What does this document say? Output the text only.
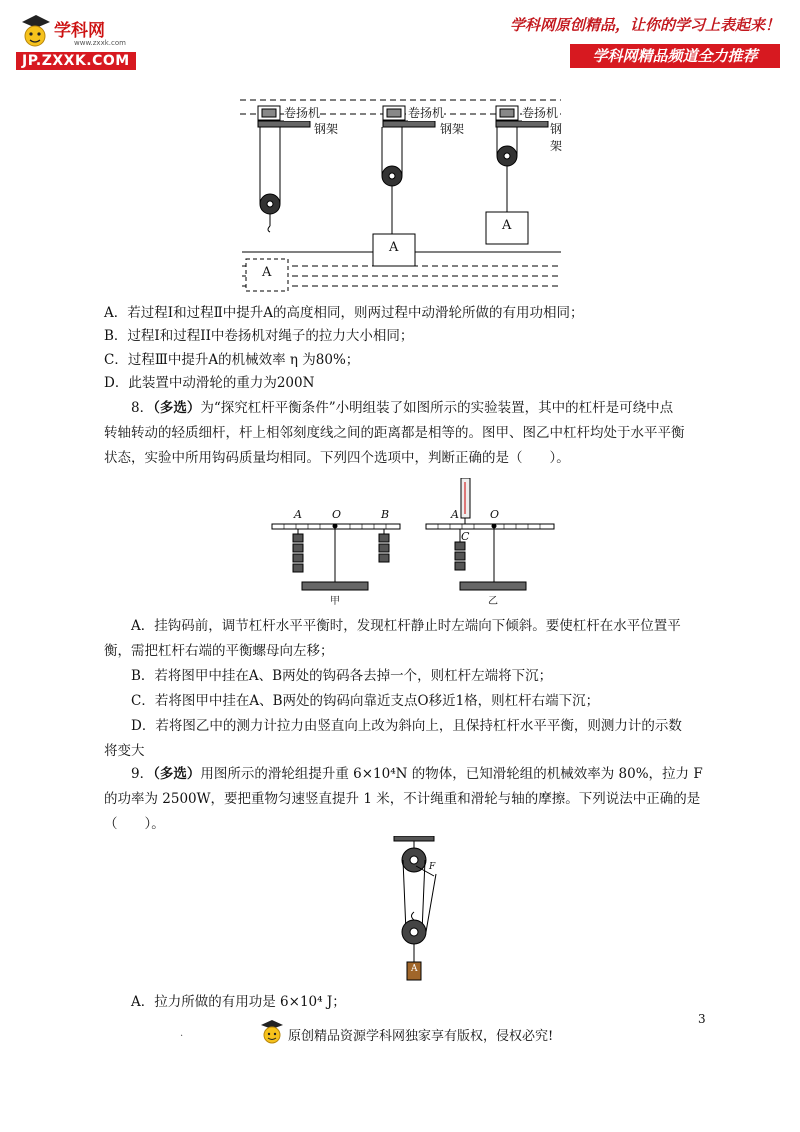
学科网
www.zxxk.com
JP.ZXXK.COM
学科网原创精品，让你的学习上表起来！
学科网精品频道全力推荐
卷扬机
钢架
A
卷扬机
钢架
A
卷扬机
钢架
A
A．若过程Ⅰ和过程Ⅱ中提升A的高度相同，则两过程中动滑轮所做的有用功相同；
B．过程Ⅰ和过程II中卷扬机对绳子的拉力大小相同；
C．过程Ⅲ中提升A的机械效率 η 为80%；
D．此装置中动滑轮的重力为200N
8．（多选）为“探究杠杆平衡条件”小明组装了如图所示的实验装置，其中的杠杆是可绕中点
转轴转动的轻质细杆，杆上相邻刻度线之间的距离都是相等的。图甲、图乙中杠杆均处于水平平衡
状态，实验中所用钩码质量均相同。下列四个选项中，判断正确的是（　　）。
A	O	B	A	O
C
甲	乙
A．挂钩码前，调节杠杆水平平衡时，发现杠杆静止时左端向下倾斜。要使杠杆在水平位置平
衡，需把杠杆右端的平衡螺母向左移；
B．若将图甲中挂在A、B两处的钩码各去掉一个，则杠杆左端将下沉；
C．若将图甲中挂在A、B两处的钩码向靠近支点O移近1格，则杠杆右端下沉；
D．若将图乙中的测力计拉力由竖直向上改为斜向上，且保持杠杆水平平衡，则测力计的示数
将变大
9．（多选）用图所示的滑轮组提升重 6×10⁴N 的物体，已知滑轮组的机械效率为 80%，拉力 F
的功率为 2500W，要把重物匀速竖直提升 1 米，不计绳重和滑轮与轴的摩擦。下列说法中正确的是
（　　）。
F
A
A．拉力所做的有用功是 6×10⁴ J；
3
.	原创精品资源学科网独家享有版权，侵权必究!
